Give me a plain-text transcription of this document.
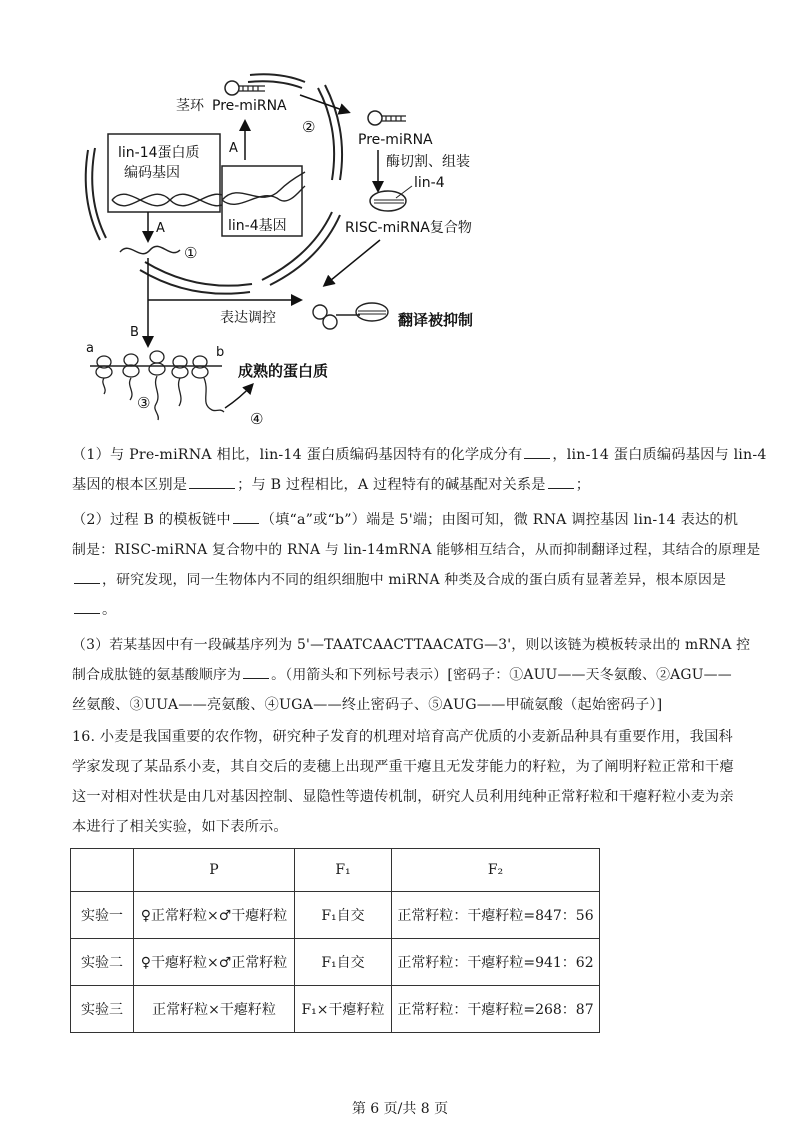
lin-14蛋白质
编码基因
lin-4基因
A
茎环 Pre-miRNA
②
Pre-miRNA
酶切割、组装
lin-4
RISC-miRNA复合物
A
①
表达调控	翻译被抑制
B
a	b
成熟的蛋白质
③
④
（1）与 Pre-miRNA 相比，lin-14 蛋白质编码基因特有的化学成分有 ，lin-14 蛋白质编码基因与 lin-4
基因的根本区别是	；与 B 过程相比，A 过程特有的碱基配对关系是 ；
（2）过程 B 的模板链中 （填“a”或“b”）端是 5'端；由图可知，微 RNA 调控基因 lin-14 表达的机
制是：RISC-miRNA 复合物中的 RNA 与 lin-14mRNA 能够相互结合，从而抑制翻译过程，其结合的原理是
，研究发现，同一生物体内不同的组织细胞中 miRNA 种类及合成的蛋白质有显著差异，根本原因是
。
（3）若某基因中有一段碱基序列为 5'—TAATCAACTTAACATG—3'，则以该链为模板转录出的 mRNA 控
制合成肽链的氨基酸顺序为 。（用箭头和下列标号表示）[密码子：①AUU——天冬氨酸、②AGU——
丝氨酸、③UUA——亮氨酸、④UGA——终止密码子、⑤AUG——甲硫氨酸（起始密码子）]
16. 小麦是我国重要的农作物，研究种子发育的机理对培育高产优质的小麦新品种具有重要作用，我国科
学家发现了某品系小麦，其自交后的麦穗上出现严重干瘪且无发芽能力的籽粒，为了阐明籽粒正常和干瘪
这一对相对性状是由几对基因控制、显隐性等遗传机制，研究人员利用纯种正常籽粒和干瘪籽粒小麦为亲
本进行了相关实验，如下表所示。
	P	F₁	F₂
实验一	♀正常籽粒×♂干瘪籽粒	F₁自交	正常籽粒：干瘪籽粒=847：56
实验二	♀干瘪籽粒×♂正常籽粒	F₁自交	正常籽粒：干瘪籽粒=941：62
实验三	正常籽粒×干瘪籽粒	F₁×干瘪籽粒	正常籽粒：干瘪籽粒=268：87
第 6 页/共 8 页
